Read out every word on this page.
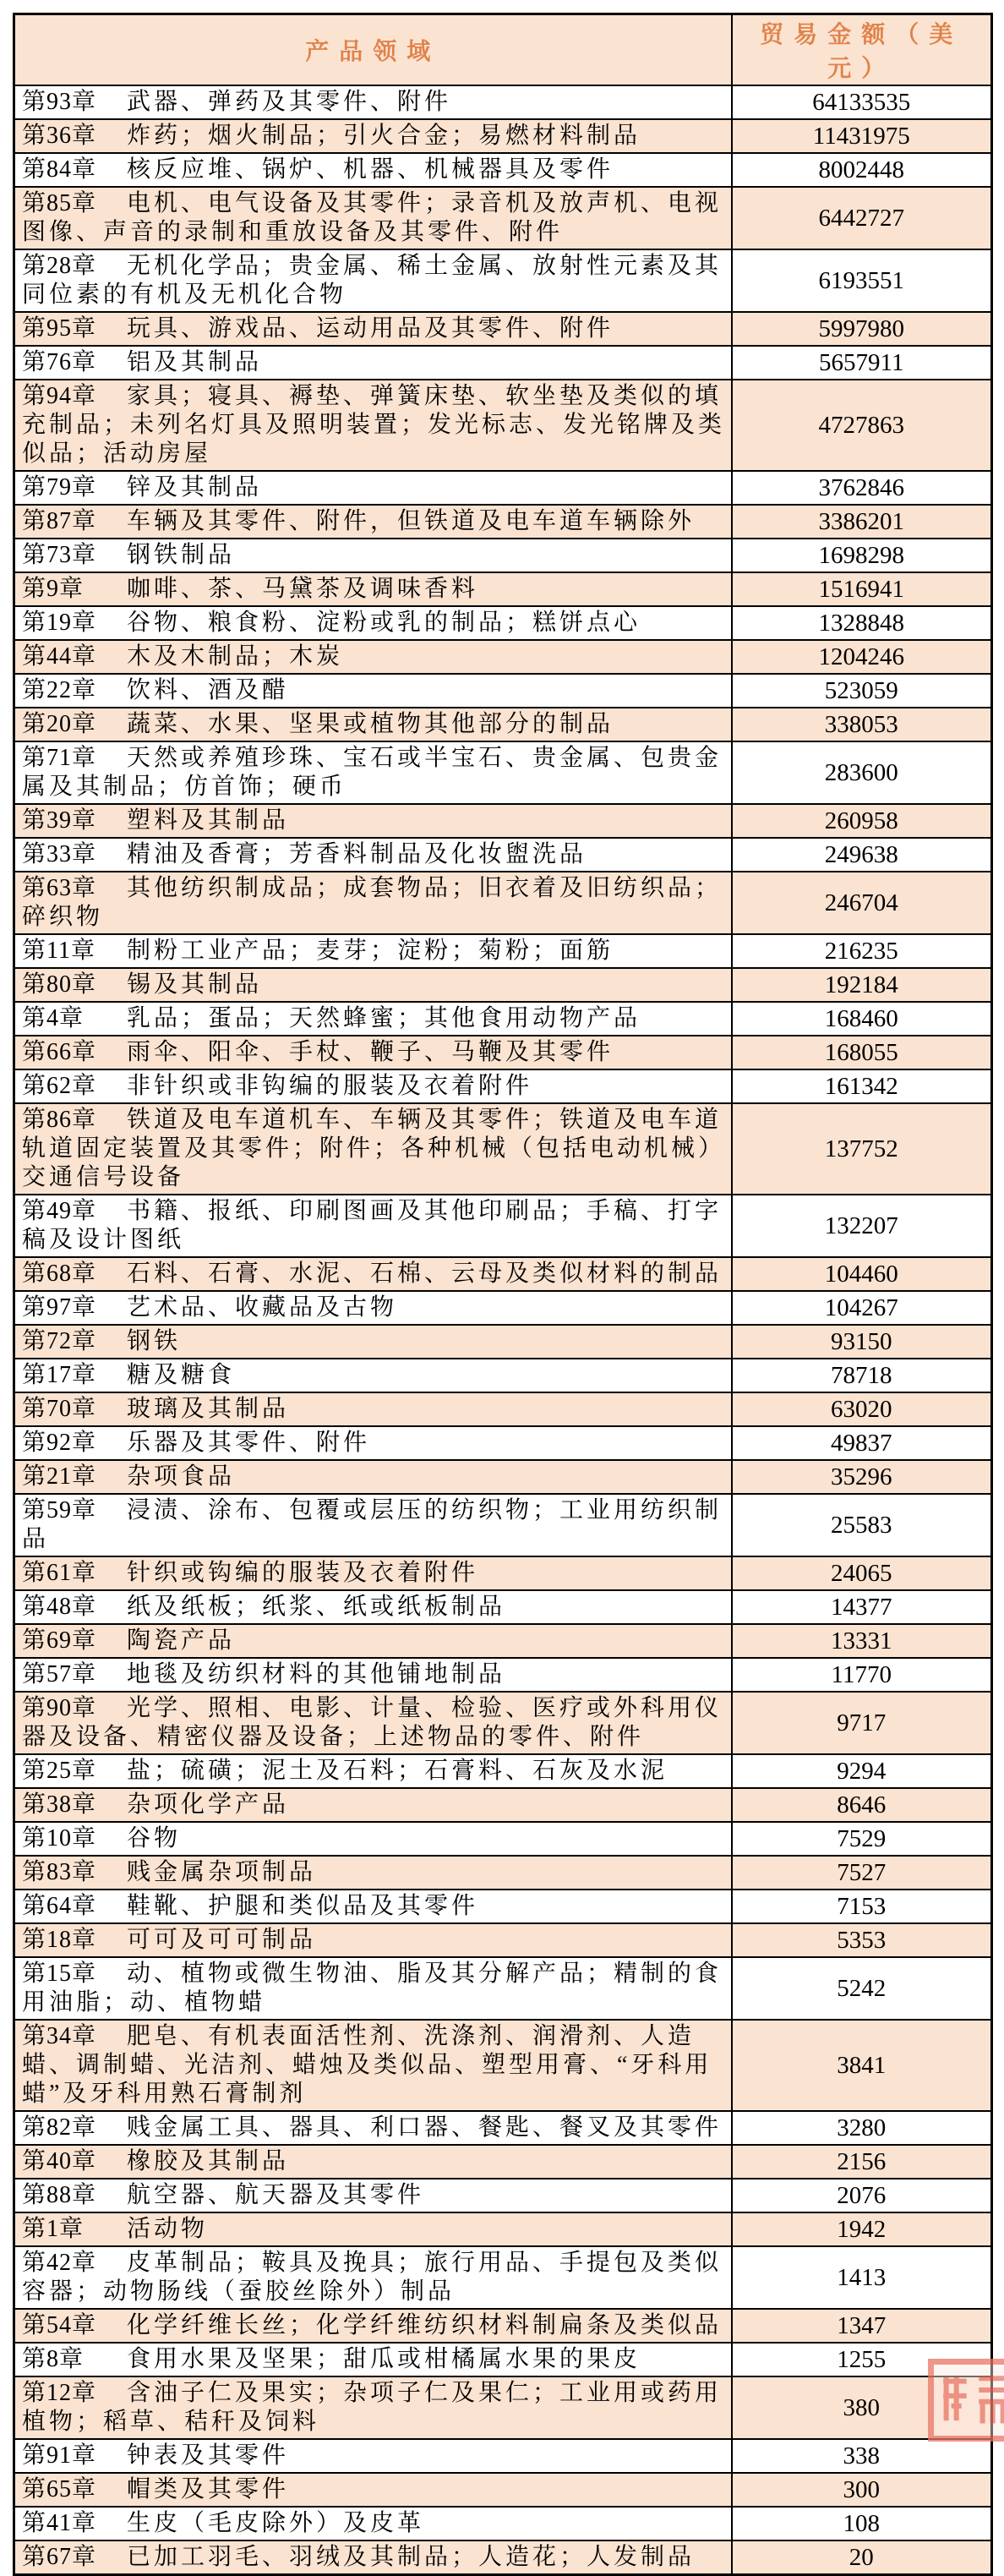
产品领域	贸易金额（美元）
第93章 武器、弹药及其零件、附件	64133535
第36章 炸药；烟火制品；引火合金；易燃材料制品	11431975
第84章 核反应堆、锅炉、机器、机械器具及零件	8002448
第85章 电机、电气设备及其零件；录音机及放声机、电视图像、声音的录制和重放设备及其零件、附件	6442727
第28章 无机化学品；贵金属、稀土金属、放射性元素及其同位素的有机及无机化合物	6193551
第95章 玩具、游戏品、运动用品及其零件、附件	5997980
第76章 铝及其制品	5657911
第94章 家具；寝具、褥垫、弹簧床垫、软坐垫及类似的填充制品；未列名灯具及照明装置；发光标志、发光铭牌及类似品；活动房屋	4727863
第79章 锌及其制品	3762846
第87章 车辆及其零件、附件，但铁道及电车道车辆除外	3386201
第73章 钢铁制品	1698298
第9章 咖啡、茶、马黛茶及调味香料	1516941
第19章 谷物、粮食粉、淀粉或乳的制品；糕饼点心	1328848
第44章 木及木制品；木炭	1204246
第22章 饮料、酒及醋	523059
第20章 蔬菜、水果、坚果或植物其他部分的制品	338053
第71章 天然或养殖珍珠、宝石或半宝石、贵金属、包贵金属及其制品；仿首饰；硬币	283600
第39章 塑料及其制品	260958
第33章 精油及香膏；芳香料制品及化妆盥洗品	249638
第63章 其他纺织制成品；成套物品；旧衣着及旧纺织品；碎织物	246704
第11章 制粉工业产品；麦芽；淀粉；菊粉；面筋	216235
第80章 锡及其制品	192184
第4章 乳品；蛋品；天然蜂蜜；其他食用动物产品	168460
第66章 雨伞、阳伞、手杖、鞭子、马鞭及其零件	168055
第62章 非针织或非钩编的服装及衣着附件	161342
第86章 铁道及电车道机车、车辆及其零件；铁道及电车道轨道固定装置及其零件；附件；各种机械（包括电动机械）交通信号设备	137752
第49章 书籍、报纸、印刷图画及其他印刷品；手稿、打字稿及设计图纸	132207
第68章 石料、石膏、水泥、石棉、云母及类似材料的制品	104460
第97章 艺术品、收藏品及古物	104267
第72章 钢铁	93150
第17章 糖及糖食	78718
第70章 玻璃及其制品	63020
第92章 乐器及其零件、附件	49837
第21章 杂项食品	35296
第59章 浸渍、涂布、包覆或层压的纺织物；工业用纺织制品	25583
第61章 针织或钩编的服装及衣着附件	24065
第48章 纸及纸板；纸浆、纸或纸板制品	14377
第69章 陶瓷产品	13331
第57章 地毯及纺织材料的其他铺地制品	11770
第90章 光学、照相、电影、计量、检验、医疗或外科用仪器及设备、精密仪器及设备；上述物品的零件、附件	9717
第25章 盐；硫磺；泥土及石料；石膏料、石灰及水泥	9294
第38章 杂项化学产品	8646
第10章 谷物	7529
第83章 贱金属杂项制品	7527
第64章 鞋靴、护腿和类似品及其零件	7153
第18章 可可及可可制品	5353
第15章 动、植物或微生物油、脂及其分解产品；精制的食用油脂；动、植物蜡	5242
第34章 肥皂、有机表面活性剂、洗涤剂、润滑剂、人造蜡、调制蜡、光洁剂、蜡烛及类似品、塑型用膏、“牙科用蜡”及牙科用熟石膏制剂	3841
第82章 贱金属工具、器具、利口器、餐匙、餐叉及其零件	3280
第40章 橡胶及其制品	2156
第88章 航空器、航天器及其零件	2076
第1章 活动物	1942
第42章 皮革制品；鞍具及挽具；旅行用品、手提包及类似容器；动物肠线（蚕胶丝除外）制品	1413
第54章 化学纤维长丝；化学纤维纺织材料制扁条及类似品	1347
第8章 食用水果及坚果；甜瓜或柑橘属水果的果皮	1255
第12章 含油子仁及果实；杂项子仁及果仁；工业用或药用植物；稻草、秸秆及饲料	380
第91章 钟表及其零件	338
第65章 帽类及其零件	300
第41章 生皮（毛皮除外）及皮革	108
第67章 已加工羽毛、羽绒及其制品；人造花；人发制品	20
